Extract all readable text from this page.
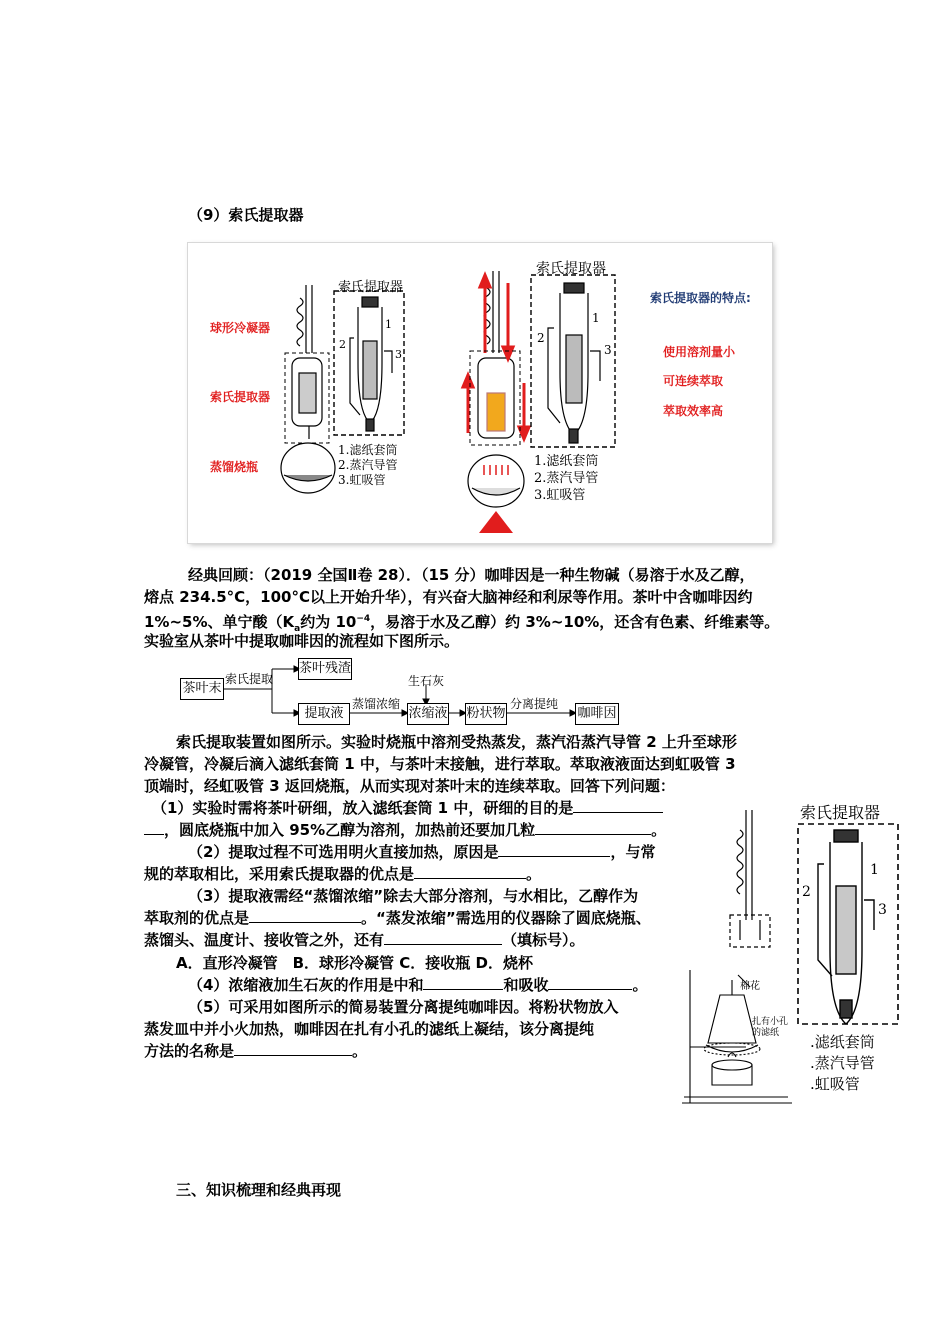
（9）索氏提取器
球形冷凝器
索氏提取器
蒸馏烧瓶
索氏提取器
1
2
3
1.滤纸套筒
2.蒸汽导管
3.虹吸管
索氏提取器
1
2
3
1.滤纸套筒
2.蒸汽导管
3.虹吸管
索氏提取器的特点:
使用溶剂量小
可连续萃取
萃取效率高
经典回顾：（2019 全国Ⅱ卷 28）．（15 分）咖啡因是一种生物碱（易溶于水及乙醇，
熔点 234.5°C，100°C以上开始升华），有兴奋大脑神经和利尿等作用。茶叶中含咖啡因约
1%~5%、单宁酸（$K_a$约为 $10^{-4}$，易溶于水及乙醇）约 3%~10%，还含有色素、纤维素等。
实验室从茶叶中提取咖啡因的流程如下图所示。
茶叶末
索氏提取
茶叶残渣
提取液
蒸馏浓缩
生石灰
浓缩液 粉状物
分离提纯
咖啡因
索氏提取装置如图所示。实验时烧瓶中溶剂受热蒸发，蒸汽沿蒸汽导管 2 上升至球形
冷凝管，冷凝后滴入滤纸套筒 1 中，与茶叶末接触，进行萃取。萃取液液面达到虹吸管 3
顶端时，经虹吸管 3 返回烧瓶，从而实现对茶叶末的连续萃取。回答下列问题：
（1）实验时需将茶叶研细，放入滤纸套筒 1 中，研细的目的是
，圆底烧瓶中加入 95%乙醇为溶剂，加热前还要加几粒	。
（2）提取过程不可选用明火直接加热，原因是	，与常
规的萃取相比，采用索氏提取器的优点是	。
（3）提取液需经“蒸馏浓缩”除去大部分溶剂，与水相比，乙醇作为
萃取剂的优点是	。“蒸发浓缩”需选用的仪器除了圆底烧瓶、
蒸馏头、温度计、接收管之外，还有	（填标号）。
A．直形冷凝管　B．球形冷凝管 C．接收瓶 D．烧杯
（4）浓缩液加生石灰的作用是中和	和吸收	。
（5）可采用如图所示的简易装置分离提纯咖啡因。将粉状物放入
蒸发皿中并小火加热，咖啡因在扎有小孔的滤纸上凝结，该分离提纯
方法的名称是	。
索氏提取器
1
2
3
.滤纸套筒
.蒸汽导管
.虹吸管
棉花
扎有小孔的滤纸
三、知识梳理和经典再现
